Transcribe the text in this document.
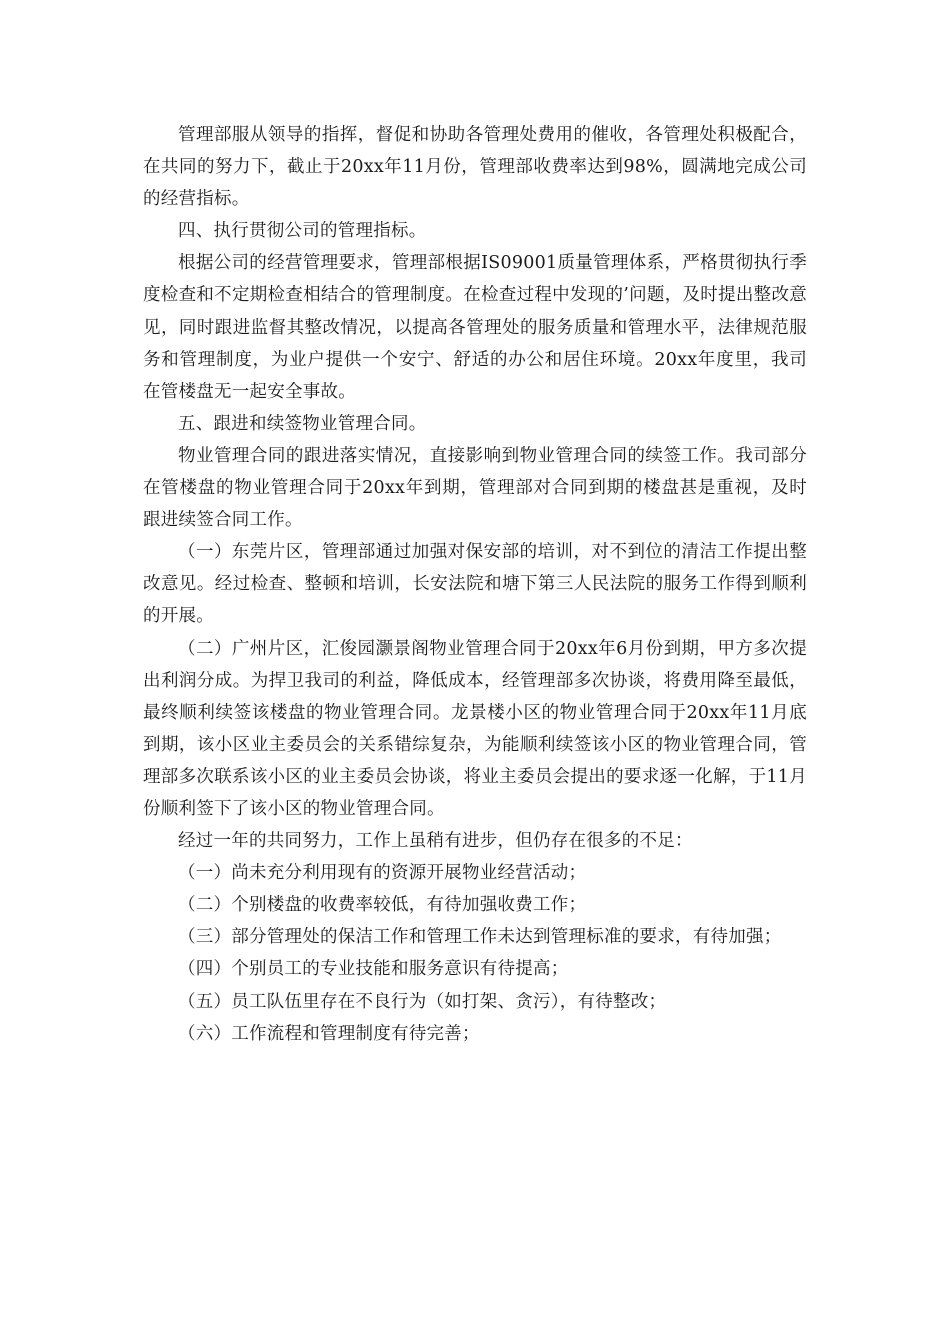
管理部服从领导的指挥，督促和协助各管理处费用的催收，各管理处积极配合，在共同的努力下，截止于20xx年11月份，管理部收费率达到98%，圆满地完成公司的经营指标。

四、执行贯彻公司的管理指标。

根据公司的经营管理要求，管理部根据IS09001质量管理体系，严格贯彻执行季度检查和不定期检查相结合的管理制度。在检查过程中发现的’问题，及时提出整改意见，同时跟进监督其整改情况，以提高各管理处的服务质量和管理水平，法律规范服务和管理制度，为业户提供一个安宁、舒适的办公和居住环境。20xx年度里，我司在管楼盘无一起安全事故。

五、跟进和续签物业管理合同。

物业管理合同的跟进落实情况，直接影响到物业管理合同的续签工作。我司部分在管楼盘的物业管理合同于20xx年到期，管理部对合同到期的楼盘甚是重视，及时跟进续签合同工作。

（一）东莞片区，管理部通过加强对保安部的培训，对不到位的清洁工作提出整改意见。经过检查、整顿和培训，长安法院和塘下第三人民法院的服务工作得到顺利的开展。

（二）广州片区，汇俊园灏景阁物业管理合同于20xx年6月份到期，甲方多次提出利润分成。为捍卫我司的利益，降低成本，经管理部多次协谈，将费用降至最低，最终顺利续签该楼盘的物业管理合同。龙景楼小区的物业管理合同于20xx年11月底到期，该小区业主委员会的关系错综复杂，为能顺利续签该小区的物业管理合同，管理部多次联系该小区的业主委员会协谈，将业主委员会提出的要求逐一化解，于11月份顺利签下了该小区的物业管理合同。

经过一年的共同努力，工作上虽稍有进步，但仍存在很多的不足：

（一）尚未充分利用现有的资源开展物业经营活动；

（二）个别楼盘的收费率较低，有待加强收费工作；

（三）部分管理处的保洁工作和管理工作未达到管理标准的要求，有待加强；

（四）个别员工的专业技能和服务意识有待提高；

（五）员工队伍里存在不良行为（如打架、贪污），有待整改；

（六）工作流程和管理制度有待完善；
